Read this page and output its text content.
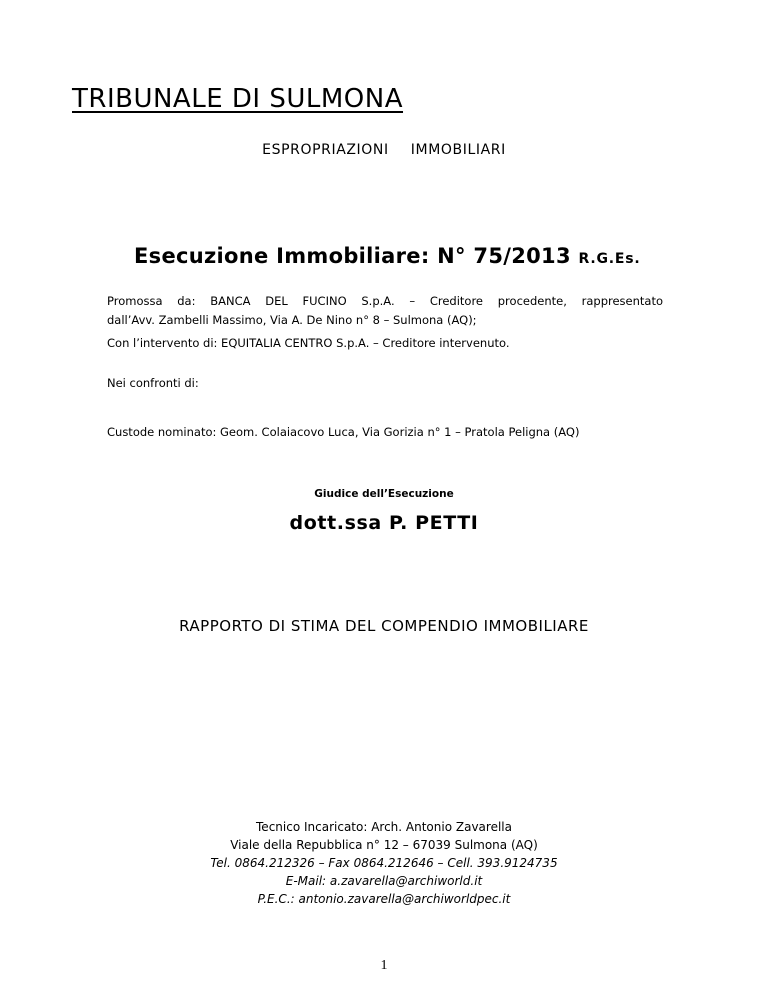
TRIBUNALE DI SULMONA
ESPROPRIAZIONI  IMMOBILIARI
Esecuzione Immobiliare: N° 75/2013 R.G.Es.
Promossa da: BANCA DEL FUCINO S.p.A. – Creditore procedente, rappresentato
dall’Avv. Zambelli Massimo, Via A. De Nino n° 8 – Sulmona (AQ);
Con l’intervento di: EQUITALIA CENTRO S.p.A. – Creditore intervenuto.
Nei confronti di:
Custode nominato: Geom. Colaiacovo Luca, Via Gorizia n° 1 – Pratola Peligna (AQ)
Giudice dell’Esecuzione
dott.ssa P. PETTI
RAPPORTO DI STIMA DEL COMPENDIO IMMOBILIARE
Tecnico Incaricato: Arch. Antonio Zavarella
Viale della Repubblica n° 12 – 67039 Sulmona (AQ)
Tel. 0864.212326 – Fax 0864.212646 – Cell. 393.9124735
E-Mail: a.zavarella@archiworld.it
P.E.C.: antonio.zavarella@archiworldpec.it
1
